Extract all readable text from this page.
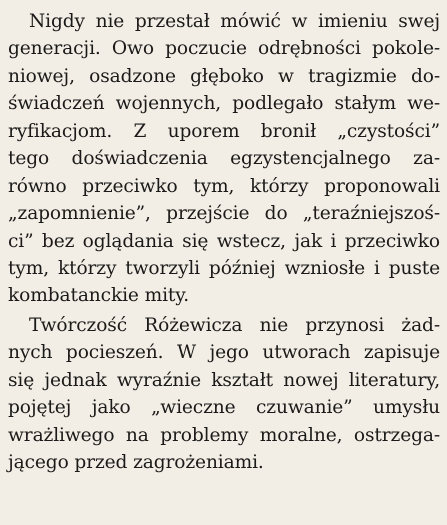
Nigdy nie przestał mówić w imieniu swej
generacji. Owo poczucie odrębności pokole-
niowej, osadzone głęboko w tragizmie do-
świadczeń wojennych, podlegało stałym we-
ryfikacjom. Z uporem bronił „czystości”
tego doświadczenia egzystencjalnego za-
równo przeciwko tym, którzy proponowali
„zapomnienie”, przejście do „teraźniejszoś-
ci” bez oglądania się wstecz, jak i przeciwko
tym, którzy tworzyli później wzniosłe i puste
kombatanckie mity.
Twórczość Różewicza nie przynosi żad-
nych pocieszeń. W jego utworach zapisuje
się jednak wyraźnie kształt nowej literatury,
pojętej jako „wieczne czuwanie” umysłu
wrażliwego na problemy moralne, ostrzega-
jącego przed zagrożeniami.
